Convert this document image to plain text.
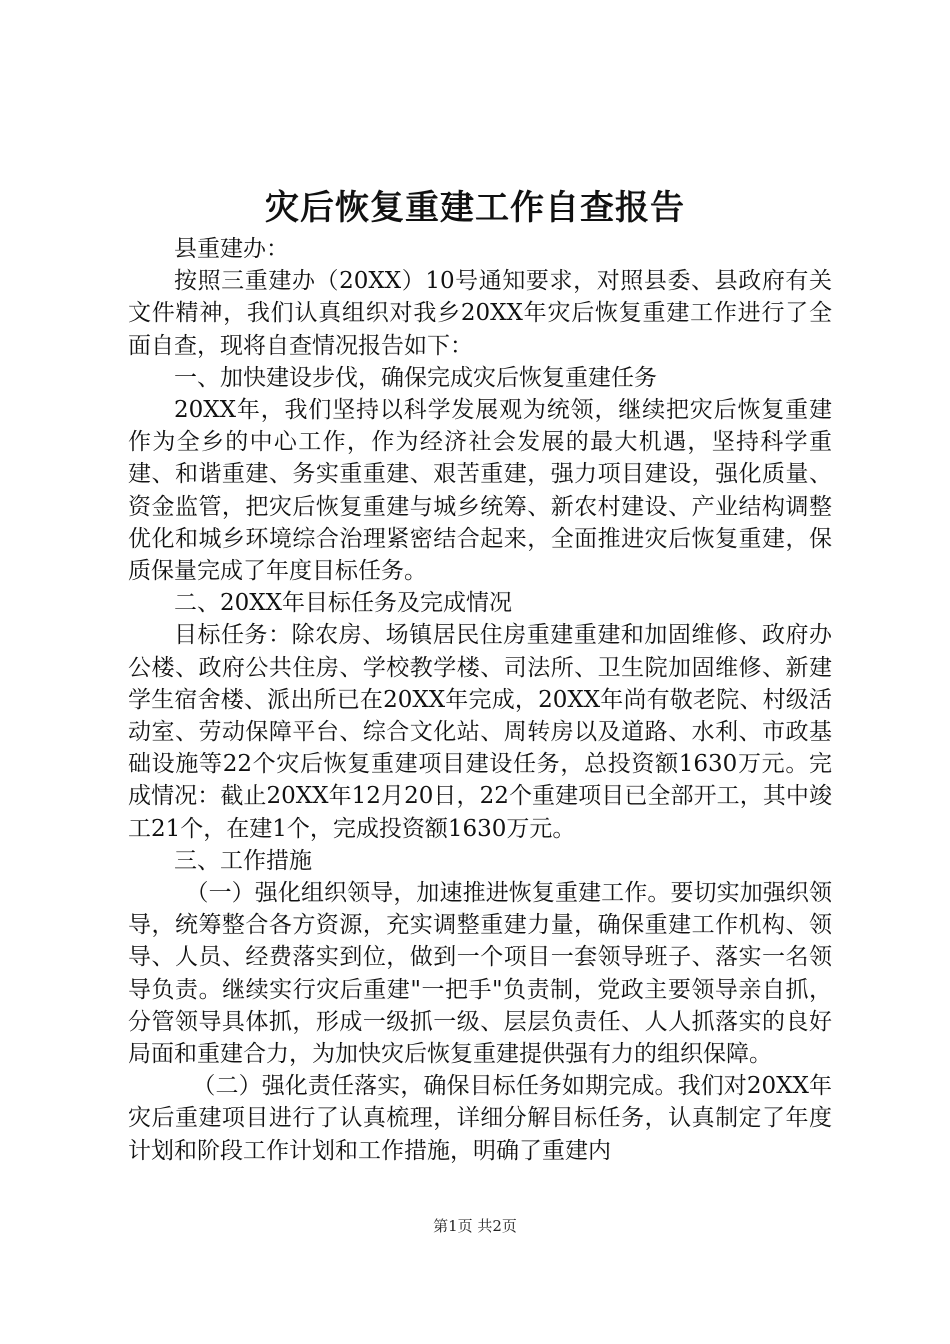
灾后恢复重建工作自查报告

县重建办：

按照三重建办（20XX）10号通知要求，对照县委、县政府有关文件精神，我们认真组织对我乡20XX年灾后恢复重建工作进行了全面自查，现将自查情况报告如下：

一、加快建设步伐，确保完成灾后恢复重建任务

20XX年，我们坚持以科学发展观为统领，继续把灾后恢复重建作为全乡的中心工作，作为经济社会发展的最大机遇，坚持科学重建、和谐重建、务实重重建、艰苦重建，强力项目建设，强化质量、资金监管，把灾后恢复重建与城乡统筹、新农村建设、产业结构调整优化和城乡环境综合治理紧密结合起来，全面推进灾后恢复重建，保质保量完成了年度目标任务。

二、20XX年目标任务及完成情况

目标任务：除农房、场镇居民住房重建重建和加固维修、政府办公楼、政府公共住房、学校教学楼、司法所、卫生院加固维修、新建学生宿舍楼、派出所已在20XX年完成，20XX年尚有敬老院、村级活动室、劳动保障平台、综合文化站、周转房以及道路、水利、市政基础设施等22个灾后恢复重建项目建设任务，总投资额1630万元。完成情况：截止20XX年12月20日，22个重建项目已全部开工，其中竣工21个，在建1个，完成投资额1630万元。

三、工作措施

（一）强化组织领导，加速推进恢复重建工作。要切实加强织领导，统筹整合各方资源，充实调整重建力量，确保重建工作机构、领导、人员、经费落实到位，做到一个项目一套领导班子、落实一名领导负责。继续实行灾后重建"一把手"负责制，党政主要领导亲自抓，分管领导具体抓，形成一级抓一级、层层负责任、人人抓落实的良好局面和重建合力，为加快灾后恢复重建提供强有力的组织保障。

（二）强化责任落实，确保目标任务如期完成。我们对20XX年灾后重建项目进行了认真梳理，详细分解目标任务，认真制定了年度计划和阶段工作计划和工作措施，明确了重建内

第1页 共2页
